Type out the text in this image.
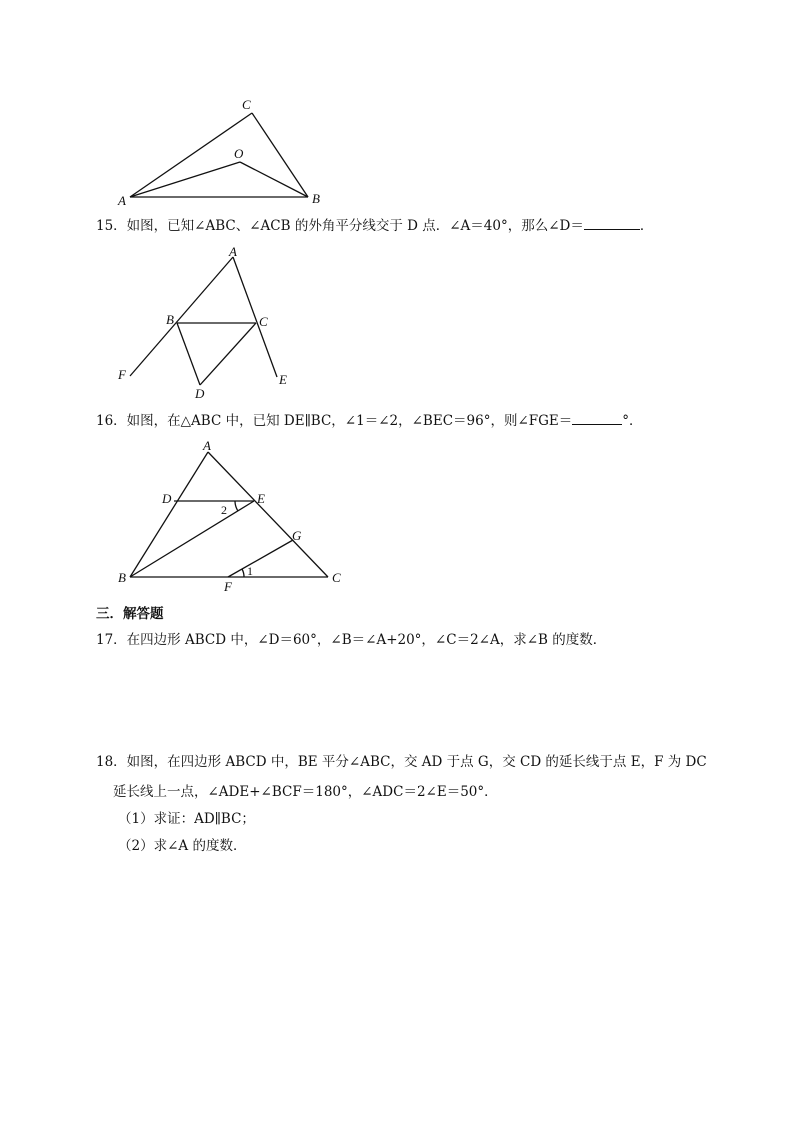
C
O
A	B
15．如图，已知∠ABC、∠ACB 的外角平分线交于 D 点．∠A＝40°，那么∠D＝	．
A
B	C
F
D
E
16．如图，在△ABC 中，已知 DE∥BC，∠1＝∠2，∠BEC＝96°，则∠FGE＝	°．
A
D	E
G
B
F
C
2
1
三．解答题
17．在四边形 ABCD 中，∠D＝60°，∠B＝∠A+20°，∠C＝2∠A，求∠B 的度数．
18．如图，在四边形 ABCD 中，BE 平分∠ABC，交 AD 于点 G，交 CD 的延长线于点 E，F 为 DC
延长线上一点，∠ADE+∠BCF＝180°，∠ADC＝2∠E＝50°．
（1）求证：AD∥BC；
（2）求∠A 的度数．
